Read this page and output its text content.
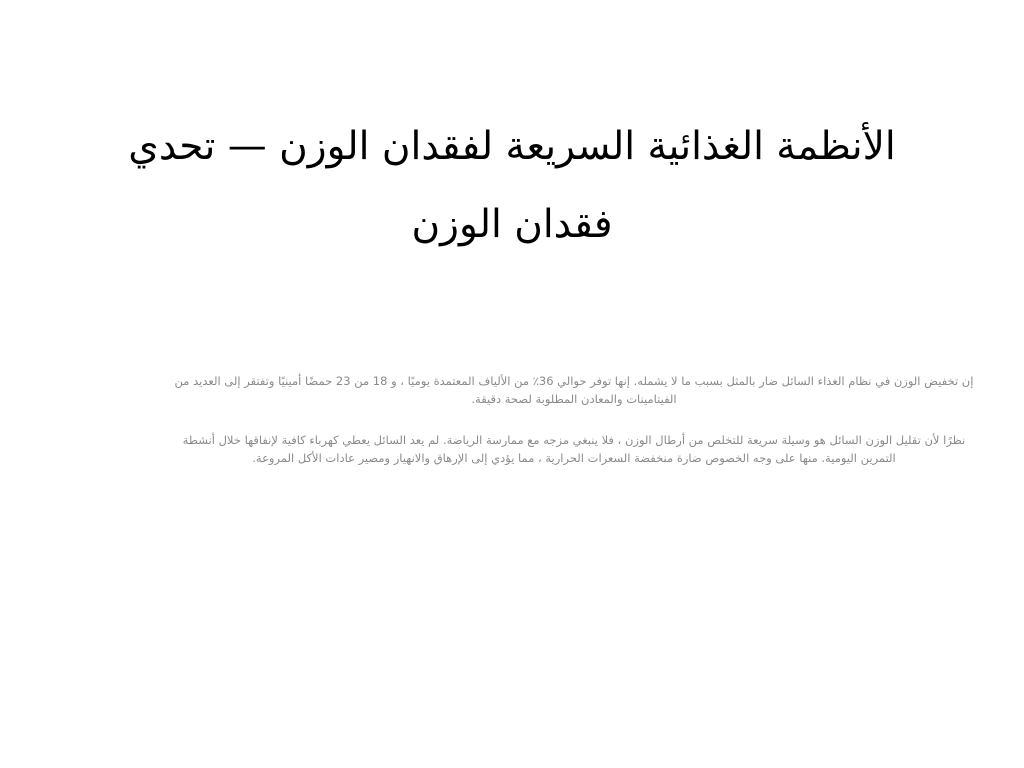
الأنظمة الغذائية السريعة لفقدان الوزن — تحدي فقدان الوزن

إن تخفيض الوزن في نظام الغذاء السائل ضار بالمثل بسبب ما لا يشمله. إنها توفر حوالي 36٪ من الألياف المعتمدة يوميًا ، و 18 من 23 حمضًا أمينيًا وتفتقر إلى العديد من الفيتامينات والمعادن المطلوبة لصحة دقيقة.

نظرًا لأن تقليل الوزن السائل هو وسيلة سريعة للتخلص من أرطال الوزن ، فلا ينبغي مزجه مع ممارسة الرياضة. لم يعد السائل يعطي كهرباء كافية لإنفاقها خلال أنشطة التمرين اليومية. منها على وجه الخصوص ضارة منخفضة السعرات الحرارية ، مما يؤدي إلى الإرهاق والانهيار ومصير عادات الأكل المروعة.
